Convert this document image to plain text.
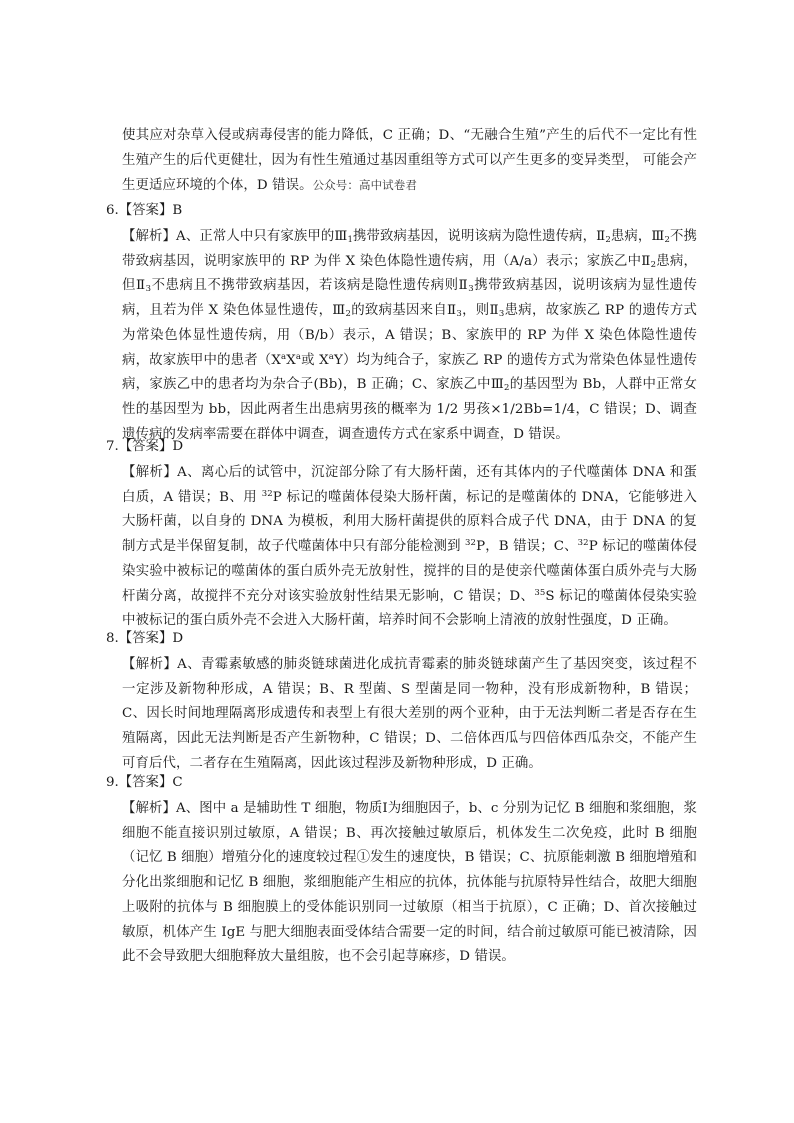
使其应对杂草入侵或病毒侵害的能力降低，C 正确；D、“无融合生殖”产生的后代不一定比有性生殖产生的后代更健壮，因为有性生殖通过基因重组等方式可以产生更多的变异类型， 可能会产生更适应环境的个体，D 错误。公众号：高中试卷君
6.【答案】B
【解析】A、正常人中只有家族甲的$Ⅲ_1$携带致病基因，说明该病为隐性遗传病，$Ⅱ_2$患病，$Ⅲ_2$不携带致病基因，说明家族甲的 RP 为伴 X 染色体隐性遗传病，用（A/a）表示；家族乙中$Ⅱ_2$患病，但$Ⅱ_3$不患病且不携带致病基因，若该病是隐性遗传病则$Ⅱ_3$携带致病基因，说明该病为显性遗传病，且若为伴 X 染色体显性遗传，$Ⅲ_2$的致病基因来自$Ⅱ_3$，则$Ⅱ_3$患病，故家族乙 RP 的遗传方式为常染色体显性遗传病，用（B/b）表示，A 错误；B、家族甲的 RP 为伴 X 染色体隐性遗传病，故家族甲中的患者（$X^aX^a$或 $X^aY$）均为纯合子，家族乙 RP 的遗传方式为常染色体显性遗传病，家族乙中的患者均为杂合子(Bb)，B 正确；C、家族乙中$Ⅲ_2$的基因型为 Bb，人群中正常女性的基因型为 bb，因此两者生出患病男孩的概率为 1/2 男孩×1/2Bb=1/4，C 错误；D、调查遗传病的发病率需要在群体中调查，调查遗传方式在家系中调查，D 错误。
7.【答案】D
【解析】A、离心后的试管中，沉淀部分除了有大肠杆菌，还有其体内的子代噬菌体 DNA 和蛋白质，A 错误；B、用 $^{32}$P 标记的噬菌体侵染大肠杆菌，标记的是噬菌体的 DNA，它能够进入大肠杆菌，以自身的 DNA 为模板，利用大肠杆菌提供的原料合成子代 DNA，由于 DNA 的复制方式是半保留复制，故子代噬菌体中只有部分能检测到 $^{32}$P，B 错误；C、$^{32}$P 标记的噬菌体侵染实验中被标记的噬菌体的蛋白质外壳无放射性，搅拌的目的是使亲代噬菌体蛋白质外壳与大肠杆菌分离，故搅拌不充分对该实验放射性结果无影响，C 错误；D、$^{35}$S 标记的噬菌体侵染实验中被标记的蛋白质外壳不会进入大肠杆菌，培养时间不会影响上清液的放射性强度，D 正确。
8.【答案】D
【解析】A、青霉素敏感的肺炎链球菌进化成抗青霉素的肺炎链球菌产生了基因突变，该过程不一定涉及新物种形成，A 错误；B、R 型菌、S 型菌是同一物种，没有形成新物种，B 错误；C、因长时间地理隔离形成遗传和表型上有很大差别的两个亚种，由于无法判断二者是否存在生殖隔离，因此无法判断是否产生新物种，C 错误；D、二倍体西瓜与四倍体西瓜杂交，不能产生可育后代，二者存在生殖隔离，因此该过程涉及新物种形成，D 正确。
9.【答案】C
【解析】A、图中 a 是辅助性 T 细胞，物质Ⅰ为细胞因子，b、c 分别为记忆 B 细胞和浆细胞，浆细胞不能直接识别过敏原，A 错误；B、再次接触过敏原后，机体发生二次免疫，此时 B 细胞（记忆 B 细胞）增殖分化的速度较过程①发生的速度快，B 错误；C、抗原能刺激 B 细胞增殖和分化出浆细胞和记忆 B 细胞，浆细胞能产生相应的抗体，抗体能与抗原特异性结合，故肥大细胞上吸附的抗体与 B 细胞膜上的受体能识别同一过敏原（相当于抗原），C 正确；D、首次接触过敏原，机体产生 IgE 与肥大细胞表面受体结合需要一定的时间，结合前过敏原可能已被清除，因此不会导致肥大细胞释放大量组胺，也不会引起荨麻疹，D 错误。
